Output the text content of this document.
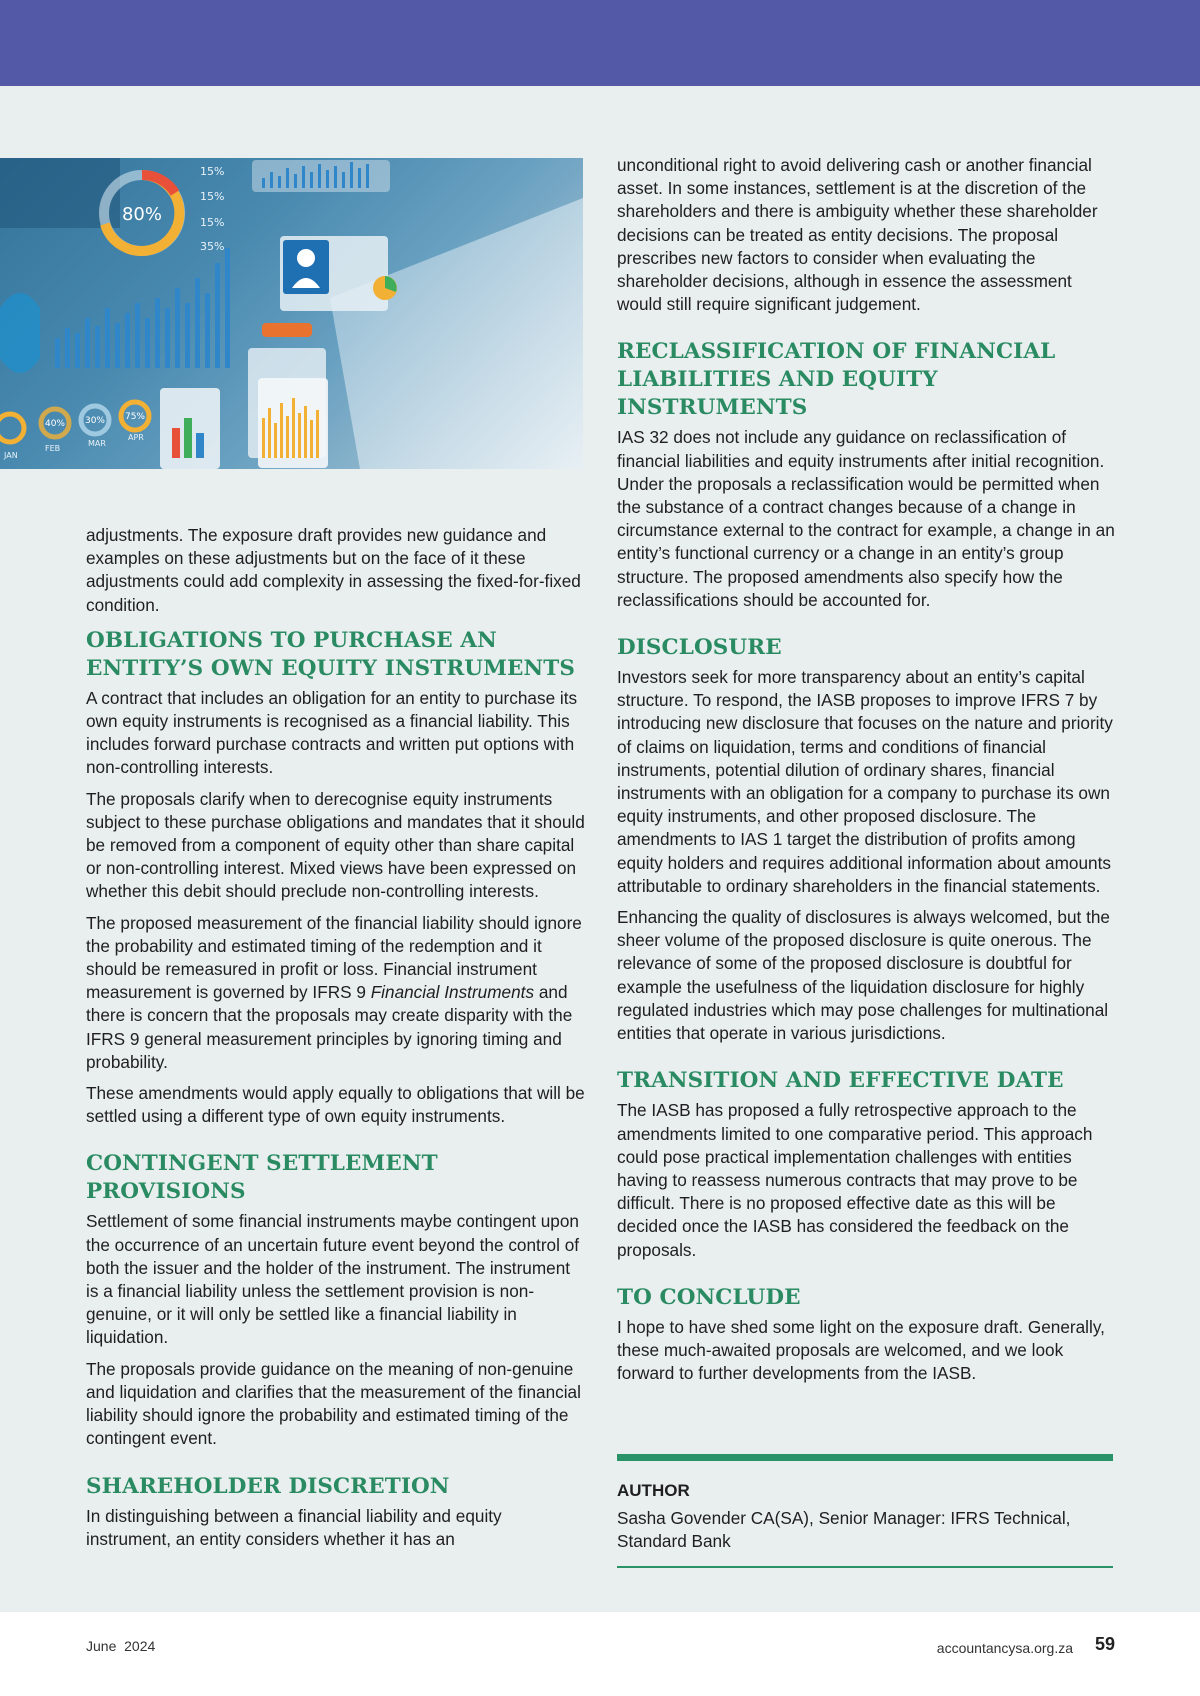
80%
15%
15%
15%
35%
40% 30% 75%
JAN
FEB
MAR
APR

adjustments. The exposure draft provides new guidance and examples on these adjustments but on the face of it these adjustments could add complexity in assessing the fixed-for-fixed condition.

OBLIGATIONS TO PURCHASE AN ENTITY’S OWN EQUITY INSTRUMENTS

A contract that includes an obligation for an entity to purchase its own equity instruments is recognised as a financial liability. This includes forward purchase contracts and written put options with non-controlling interests.

The proposals clarify when to derecognise equity instruments subject to these purchase obligations and mandates that it should be removed from a component of equity other than share capital or non-controlling interest. Mixed views have been expressed on whether this debit should preclude non-controlling interests.

The proposed measurement of the financial liability should ignore the probability and estimated timing of the redemption and it should be remeasured in profit or loss. Financial instrument measurement is governed by IFRS 9 Financial Instruments and there is concern that the proposals may create disparity with the IFRS 9 general measurement principles by ignoring timing and probability.

These amendments would apply equally to obligations that will be settled using a different type of own equity instruments.

CONTINGENT SETTLEMENT PROVISIONS

Settlement of some financial instruments maybe contingent upon the occurrence of an uncertain future event beyond the control of both the issuer and the holder of the instrument. The instrument is a financial liability unless the settlement provision is non-genuine, or it will only be settled like a financial liability in liquidation.

The proposals provide guidance on the meaning of non-genuine and liquidation and clarifies that the measurement of the financial liability should ignore the probability and estimated timing of the contingent event.

SHAREHOLDER DISCRETION

In distinguishing between a financial liability and equity instrument, an entity considers whether it has an

unconditional right to avoid delivering cash or another financial asset. In some instances, settlement is at the discretion of the shareholders and there is ambiguity whether these shareholder decisions can be treated as entity decisions. The proposal prescribes new factors to consider when evaluating the shareholder decisions, although in essence the assessment would still require significant judgement.

RECLASSIFICATION OF FINANCIAL LIABILITIES AND EQUITY INSTRUMENTS

IAS 32 does not include any guidance on reclassification of financial liabilities and equity instruments after initial recognition. Under the proposals a reclassification would be permitted when the substance of a contract changes because of a change in circumstance external to the contract for example, a change in an entity’s functional currency or a change in an entity’s group structure. The proposed amendments also specify how the reclassifications should be accounted for.

DISCLOSURE

Investors seek for more transparency about an entity’s capital structure. To respond, the IASB proposes to improve IFRS 7 by introducing new disclosure that focuses on the nature and priority of claims on liquidation, terms and conditions of financial instruments, potential dilution of ordinary shares, financial instruments with an obligation for a company to purchase its own equity instruments, and other proposed disclosure. The amendments to IAS 1 target the distribution of profits among equity holders and requires additional information about amounts attributable to ordinary shareholders in the financial statements.

Enhancing the quality of disclosures is always welcomed, but the sheer volume of the proposed disclosure is quite onerous. The relevance of some of the proposed disclosure is doubtful for example the usefulness of the liquidation disclosure for highly regulated industries which may pose challenges for multinational entities that operate in various jurisdictions.

TRANSITION AND EFFECTIVE DATE

The IASB has proposed a fully retrospective approach to the amendments limited to one comparative period. This approach could pose practical implementation challenges with entities having to reassess numerous contracts that may prove to be difficult. There is no proposed effective date as this will be decided once the IASB has considered the feedback on the proposals.

TO CONCLUDE

I hope to have shed some light on the exposure draft. Generally, these much-awaited proposals are welcomed, and we look forward to further developments from the IASB.

AUTHOR
Sasha Govender CA(SA), Senior Manager: IFRS Technical, Standard Bank
June  2024	accountancysa.org.za 59
